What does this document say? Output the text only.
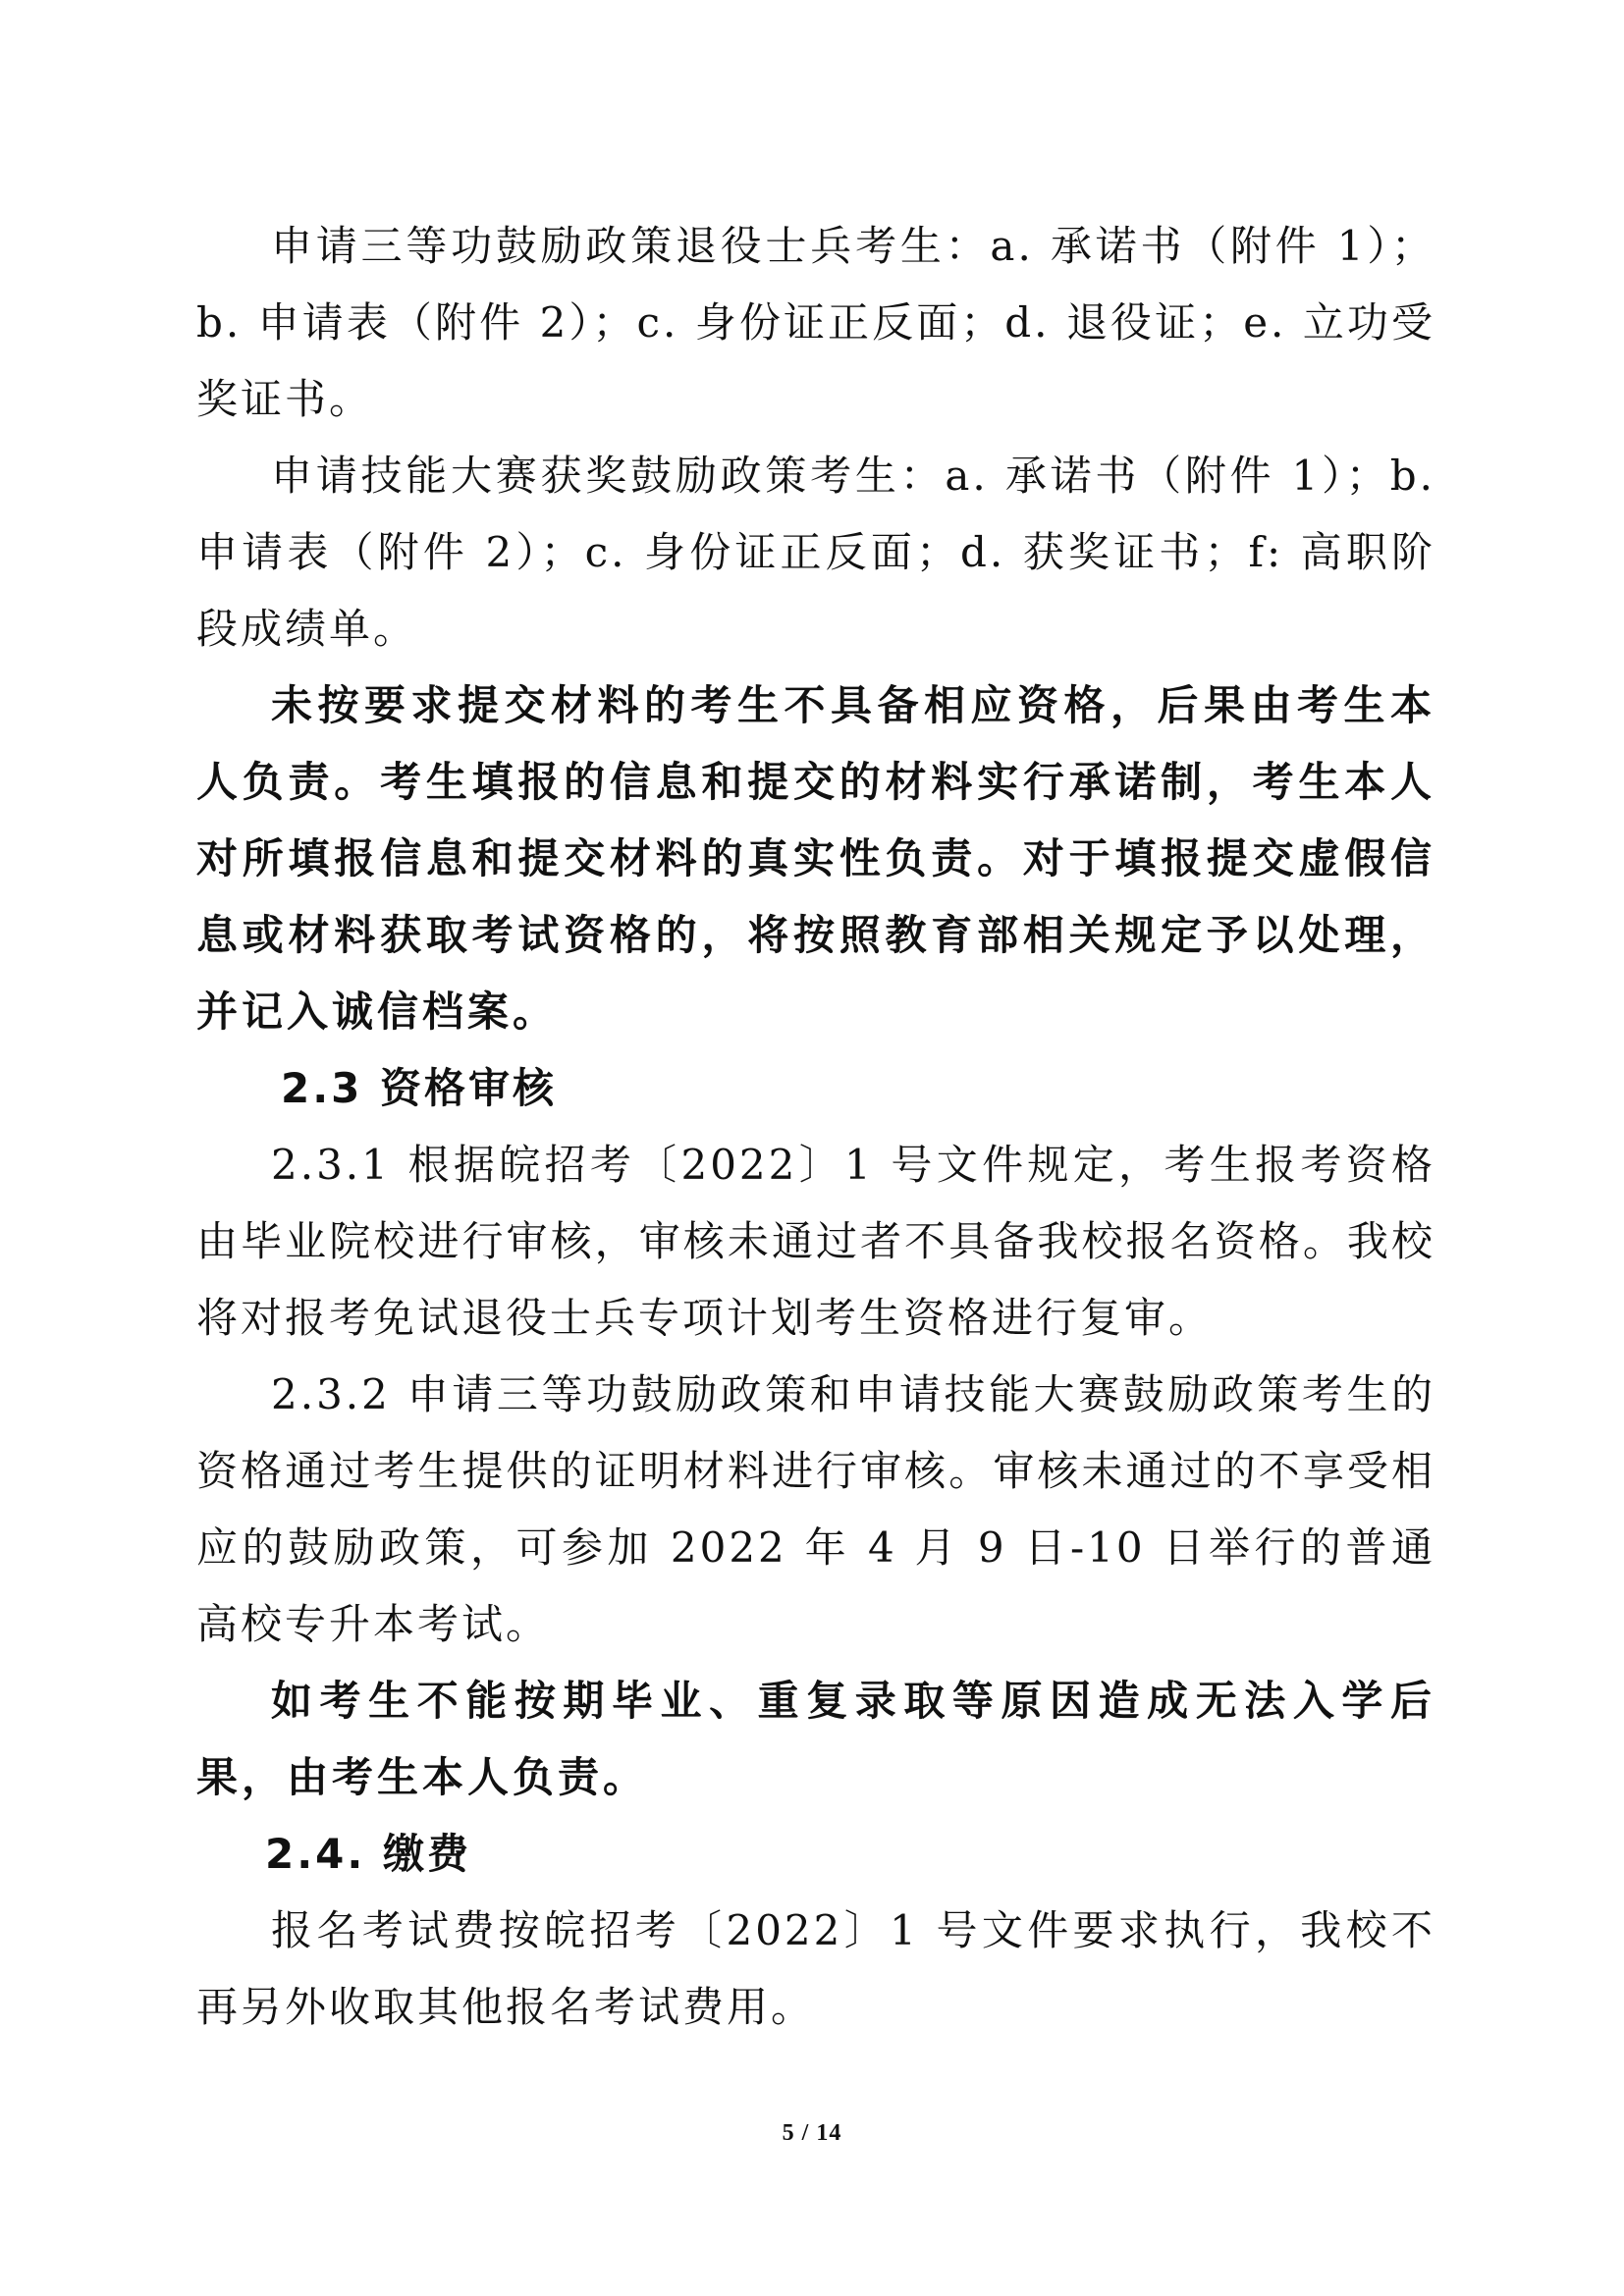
申请三等功鼓励政策退役士兵考生：a. 承诺书（附件 1）；b. 申请表（附件 2）；c. 身份证正反面；d. 退役证；e. 立功受奖证书。

申请技能大赛获奖鼓励政策考生：a. 承诺书（附件 1）；b. 申请表（附件 2）；c. 身份证正反面；d. 获奖证书；f: 高职阶段成绩单。

未按要求提交材料的考生不具备相应资格，后果由考生本人负责。考生填报的信息和提交的材料实行承诺制，考生本人对所填报信息和提交材料的真实性负责。对于填报提交虚假信息或材料获取考试资格的，将按照教育部相关规定予以处理，并记入诚信档案。

2.3 资格审核

2.3.1 根据皖招考〔2022〕1 号文件规定，考生报考资格由毕业院校进行审核，审核未通过者不具备我校报名资格。我校将对报考免试退役士兵专项计划考生资格进行复审。

2.3.2 申请三等功鼓励政策和申请技能大赛鼓励政策考生的资格通过考生提供的证明材料进行审核。审核未通过的不享受相应的鼓励政策，可参加 2022 年 4 月 9 日-10 日举行的普通高校专升本考试。

如考生不能按期毕业、重复录取等原因造成无法入学后果，由考生本人负责。

2.4. 缴费

报名考试费按皖招考〔2022〕1 号文件要求执行，我校不再另外收取其他报名考试费用。

5 / 14
